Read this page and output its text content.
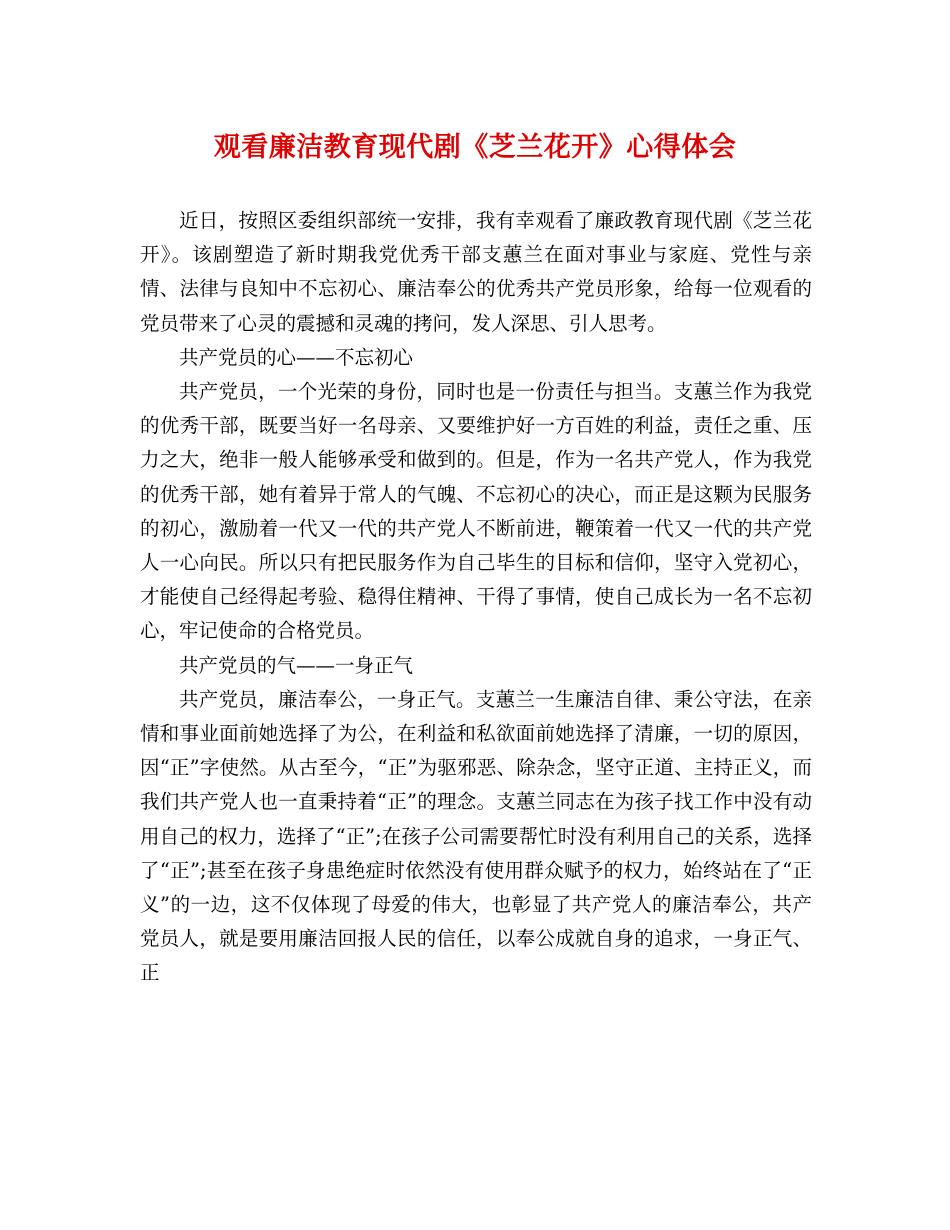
观看廉洁教育现代剧《芝兰花开》心得体会

近日，按照区委组织部统一安排，我有幸观看了廉政教育现代剧《芝兰花开》。该剧塑造了新时期我党优秀干部支蕙兰在面对事业与家庭、党性与亲情、法律与良知中不忘初心、廉洁奉公的优秀共产党员形象，给每一位观看的党员带来了心灵的震撼和灵魂的拷问，发人深思、引人思考。

共产党员的心——不忘初心

共产党员，一个光荣的身份，同时也是一份责任与担当。支蕙兰作为我党的优秀干部，既要当好一名母亲、又要维护好一方百姓的利益，责任之重、压力之大，绝非一般人能够承受和做到的。但是，作为一名共产党人，作为我党的优秀干部，她有着异于常人的气魄、不忘初心的决心，而正是这颗为民服务的初心，激励着一代又一代的共产党人不断前进，鞭策着一代又一代的共产党人一心向民。所以只有把民服务作为自己毕生的目标和信仰，坚守入党初心，才能使自己经得起考验、稳得住精神、干得了事情，使自己成长为一名不忘初心，牢记使命的合格党员。

共产党员的气——一身正气

共产党员，廉洁奉公，一身正气。支蕙兰一生廉洁自律、秉公守法，在亲情和事业面前她选择了为公，在利益和私欲面前她选择了清廉，一切的原因，因“正”字使然。从古至今，“正”为驱邪恶、除杂念，坚守正道、主持正义，而我们共产党人也一直秉持着“正”的理念。支蕙兰同志在为孩子找工作中没有动用自己的权力，选择了“正”;在孩子公司需要帮忙时没有利用自己的关系，选择了“正”;甚至在孩子身患绝症时依然没有使用群众赋予的权力，始终站在了“正义”的一边，这不仅体现了母爱的伟大，也彰显了共产党人的廉洁奉公，共产党员人，就是要用廉洁回报人民的信任，以奉公成就自身的追求，一身正气、正
